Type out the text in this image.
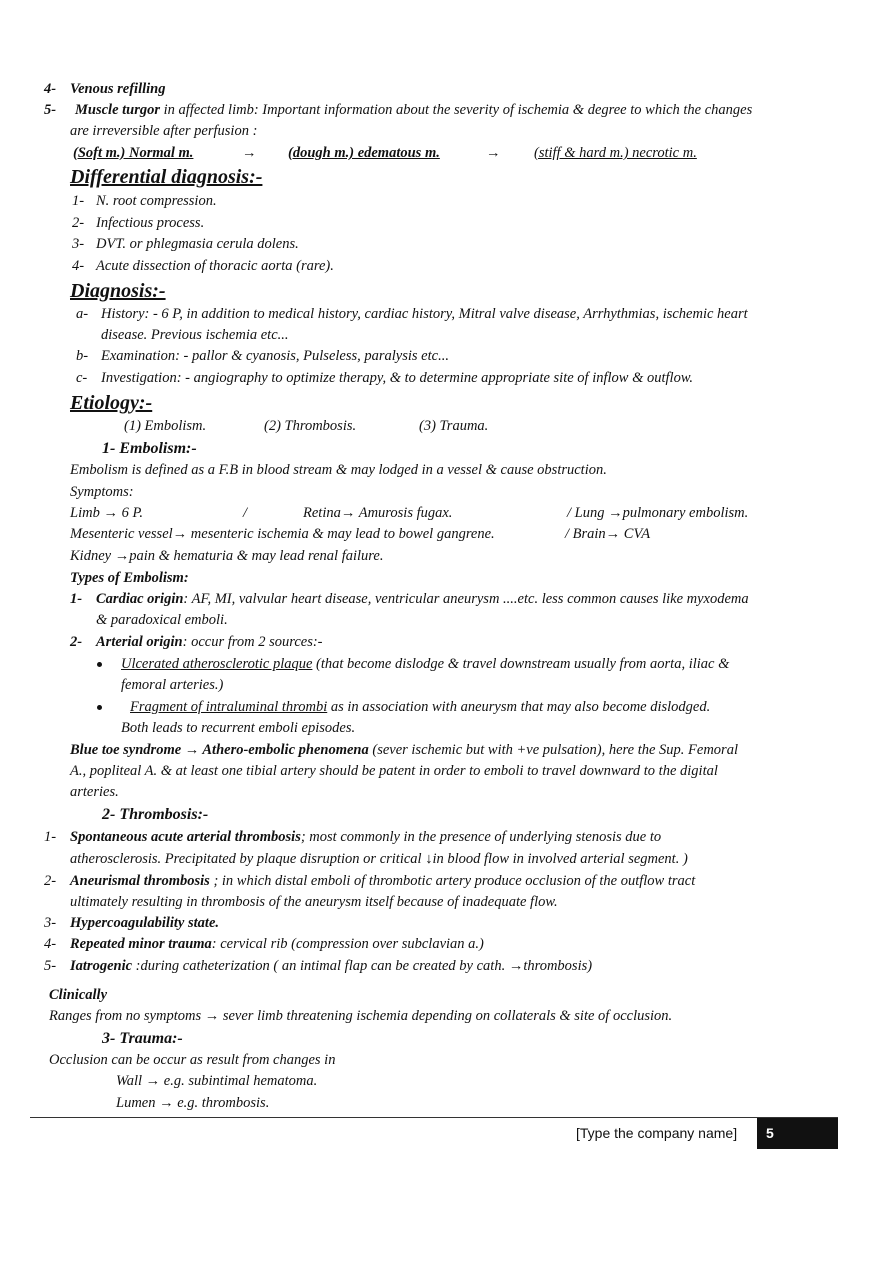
4- Venous refilling
5- Muscle turgor in affected limb: Important information about the severity of ischemia & degree to which the changes
are irreversible after perfusion :
(Soft m.) Normal m.	→ (dough m.) edematous m.	→ (stiff & hard m.) necrotic m.
Differential diagnosis:-
1- N. root compression.
2- Infectious process.
3- DVT. or phlegmasia cerula dolens.
4- Acute dissection of thoracic aorta (rare).
Diagnosis:-
a- History: - 6 P, in addition to medical history, cardiac history, Mitral valve disease, Arrhythmias, ischemic heart
disease. Previous ischemia etc...
b- Examination: - pallor & cyanosis, Pulseless, paralysis etc...
c- Investigation: - angiography to optimize therapy, & to determine appropriate site of inflow & outflow.
Etiology:-
(1) Embolism.	(2) Thrombosis.	(3) Trauma.
1- Embolism:-
Embolism is defined as a F.B in blood stream & may lodged in a vessel & cause obstruction.
Symptoms:
Limb → 6 P.	/	Retina→ Amurosis fugax.	/ Lung →pulmonary embolism.
Mesenteric vessel→ mesenteric ischemia & may lead to bowel gangrene.	/ Brain→ CVA
Kidney →pain & hematuria & may lead renal failure.
Types of Embolism:
1- Cardiac origin: AF, MI, valvular heart disease, ventricular aneurysm ....etc. less common causes like myxodema
& paradoxical emboli.
2- Arterial origin: occur from 2 sources:-
Ulcerated atherosclerotic plaque (that become dislodge & travel downstream usually from aorta, iliac &
femoral arteries.)
Fragment of intraluminal thrombi as in association with aneurysm that may also become dislodged.
Both leads to recurrent emboli episodes.
Blue toe syndrome → Athero-embolic phenomena (sever ischemic but with +ve pulsation), here the Sup. Femoral
A., popliteal A. & at least one tibial artery should be patent in order to emboli to travel downward to the digital
arteries.
2- Thrombosis:-
1- Spontaneous acute arterial thrombosis; most commonly in the presence of underlying stenosis due to
atherosclerosis. Precipitated by plaque disruption or critical ↓in blood flow in involved arterial segment. )
2- Aneurismal thrombosis ; in which distal emboli of thrombotic artery produce occlusion of the outflow tract
ultimately resulting in thrombosis of the aneurysm itself because of inadequate flow.
3- Hypercoagulability state.
4- Repeated minor trauma: cervical rib (compression over subclavian a.)
5- Iatrogenic :during catheterization ( an intimal flap can be created by cath. →thrombosis)
Clinically
Ranges from no symptoms → sever limb threatening ischemia depending on collaterals & site of occlusion.
3- Trauma:-
Occlusion can be occur as result from changes in
Wall → e.g. subintimal hematoma.
Lumen → e.g. thrombosis.
[Type the company name] 5
